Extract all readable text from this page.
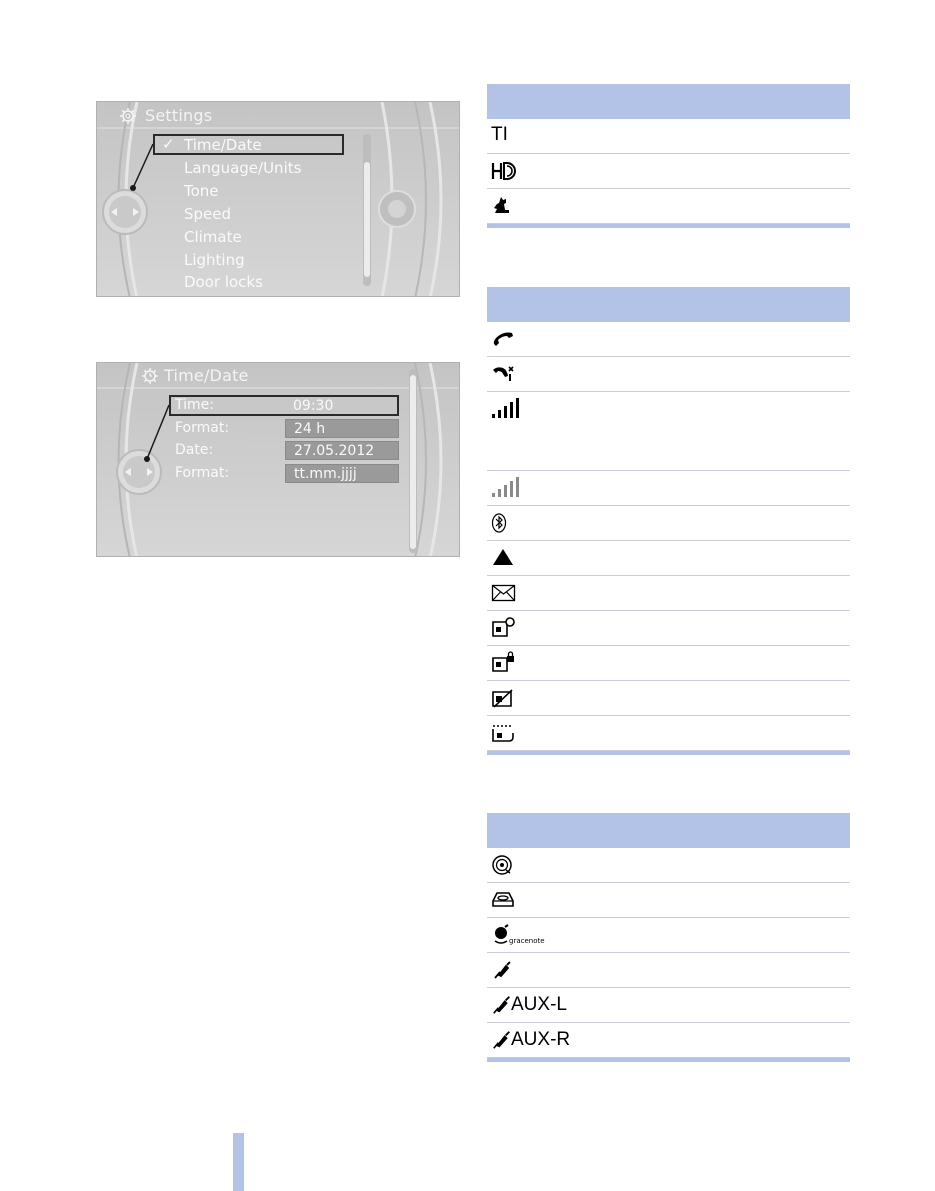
Settings
✓ Time/Date
Language/Units
Tone
Speed
Climate
Lighting
Door locks
Time/Date
Time:	09:30
Format:	24 h
Date:	27.05.2012
Format:	tt.mm.jjjj
TI
gracenote
AUX-L
AUX-R
